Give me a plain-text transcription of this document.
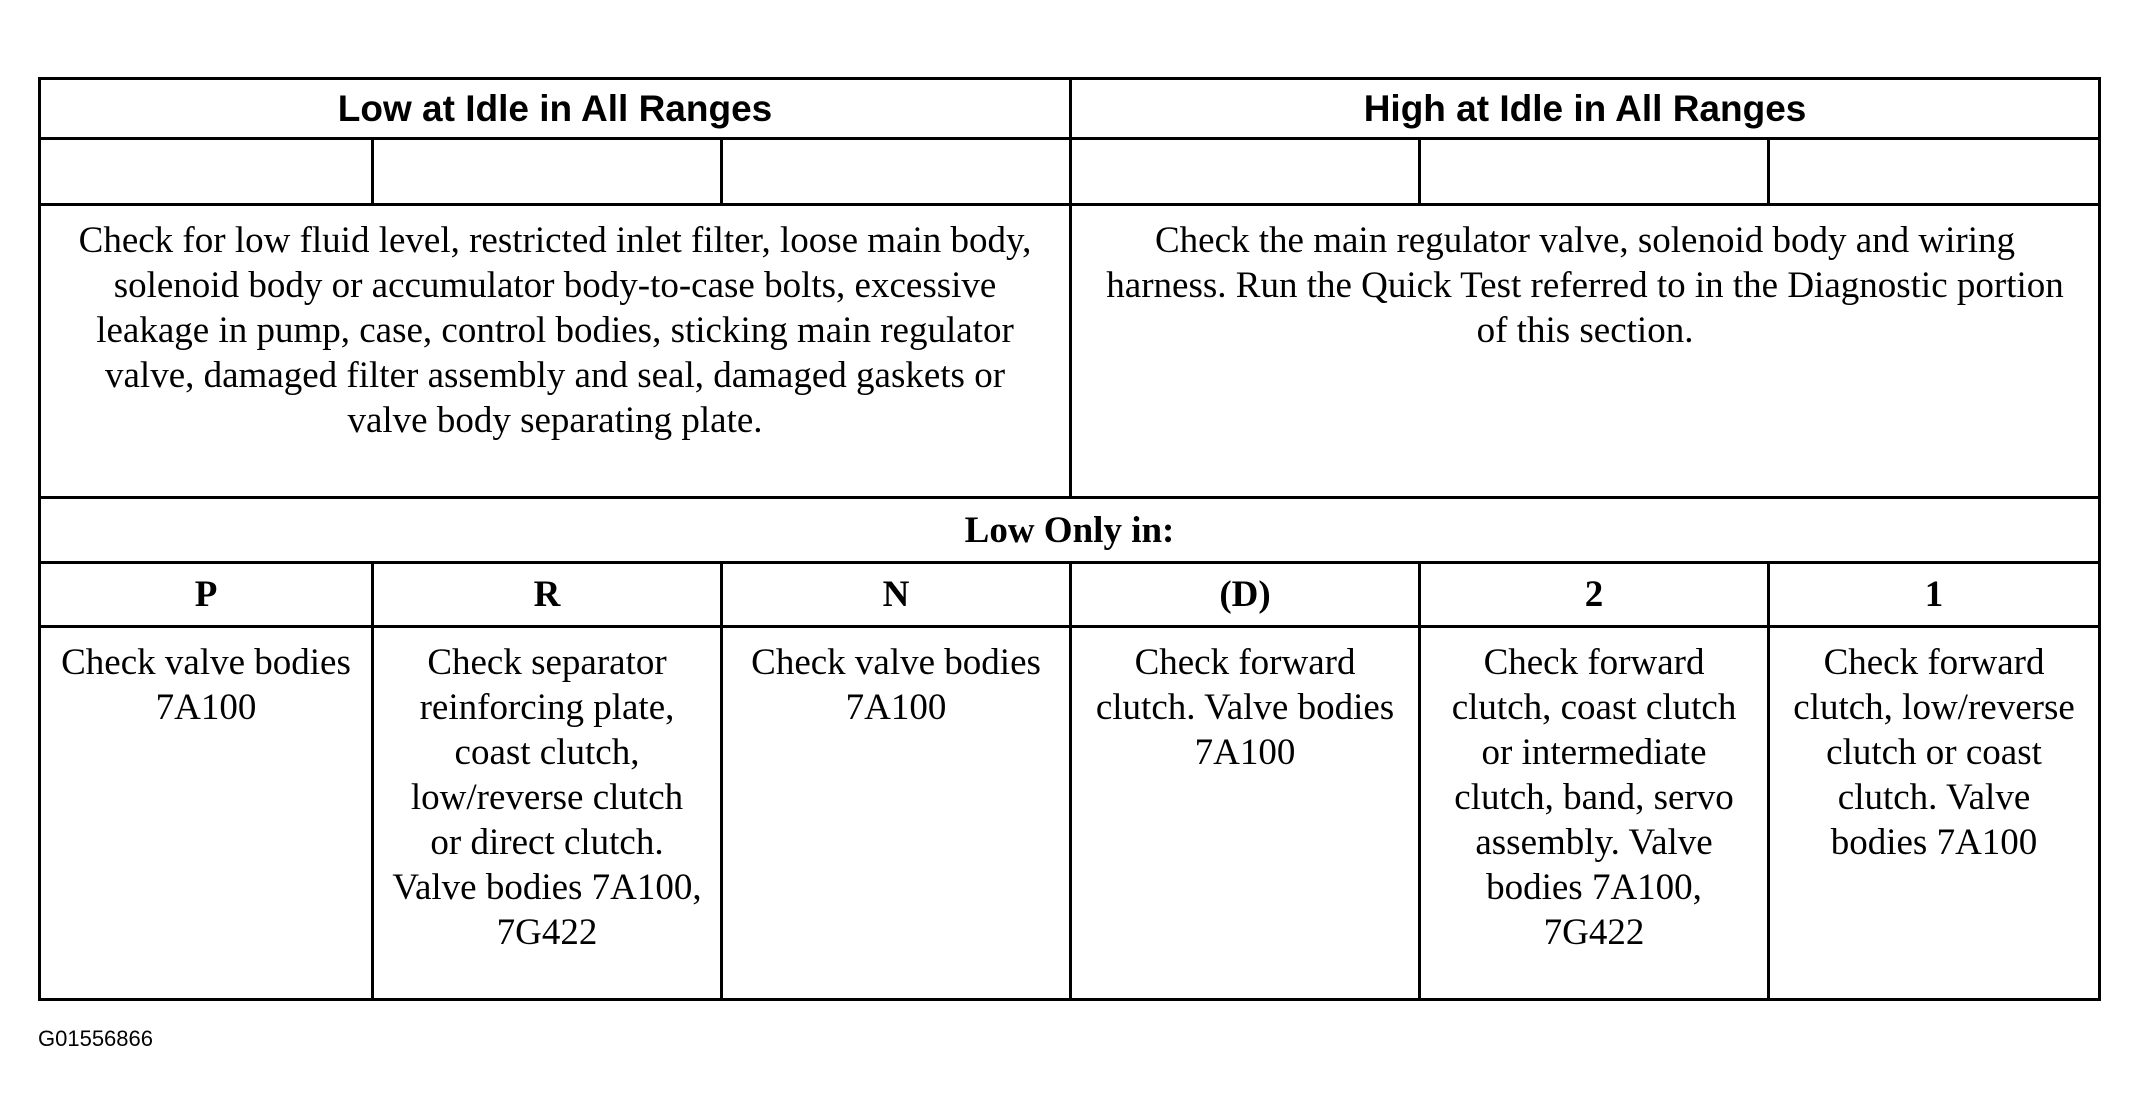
Low at Idle in All Ranges			High at Idle in All Ranges		

Check for low fluid level, restricted inlet filter, loose main body, solenoid body or accumulator body-to-case bolts, excessive leakage in pump, case, control bodies, sticking main regulator valve, damaged filter assembly and seal, damaged gaskets or valve body separating plate.			Check the main regulator valve, solenoid body and wiring harness. Run the Quick Test referred to in the Diagnostic portion of this section.		
Low Only in:					
P	R	N	(D)	2	1
Check valve bodies 7A100	Check separator reinforcing plate, coast clutch, low/reverse clutch or direct clutch. Valve bodies 7A100, 7G422	Check valve bodies 7A100	Check forward clutch. Valve bodies 7A100	Check forward clutch, coast clutch or intermediate clutch, band, servo assembly. Valve bodies 7A100, 7G422	Check forward clutch, low/reverse clutch or coast clutch. Valve bodies 7A100
G01556866
